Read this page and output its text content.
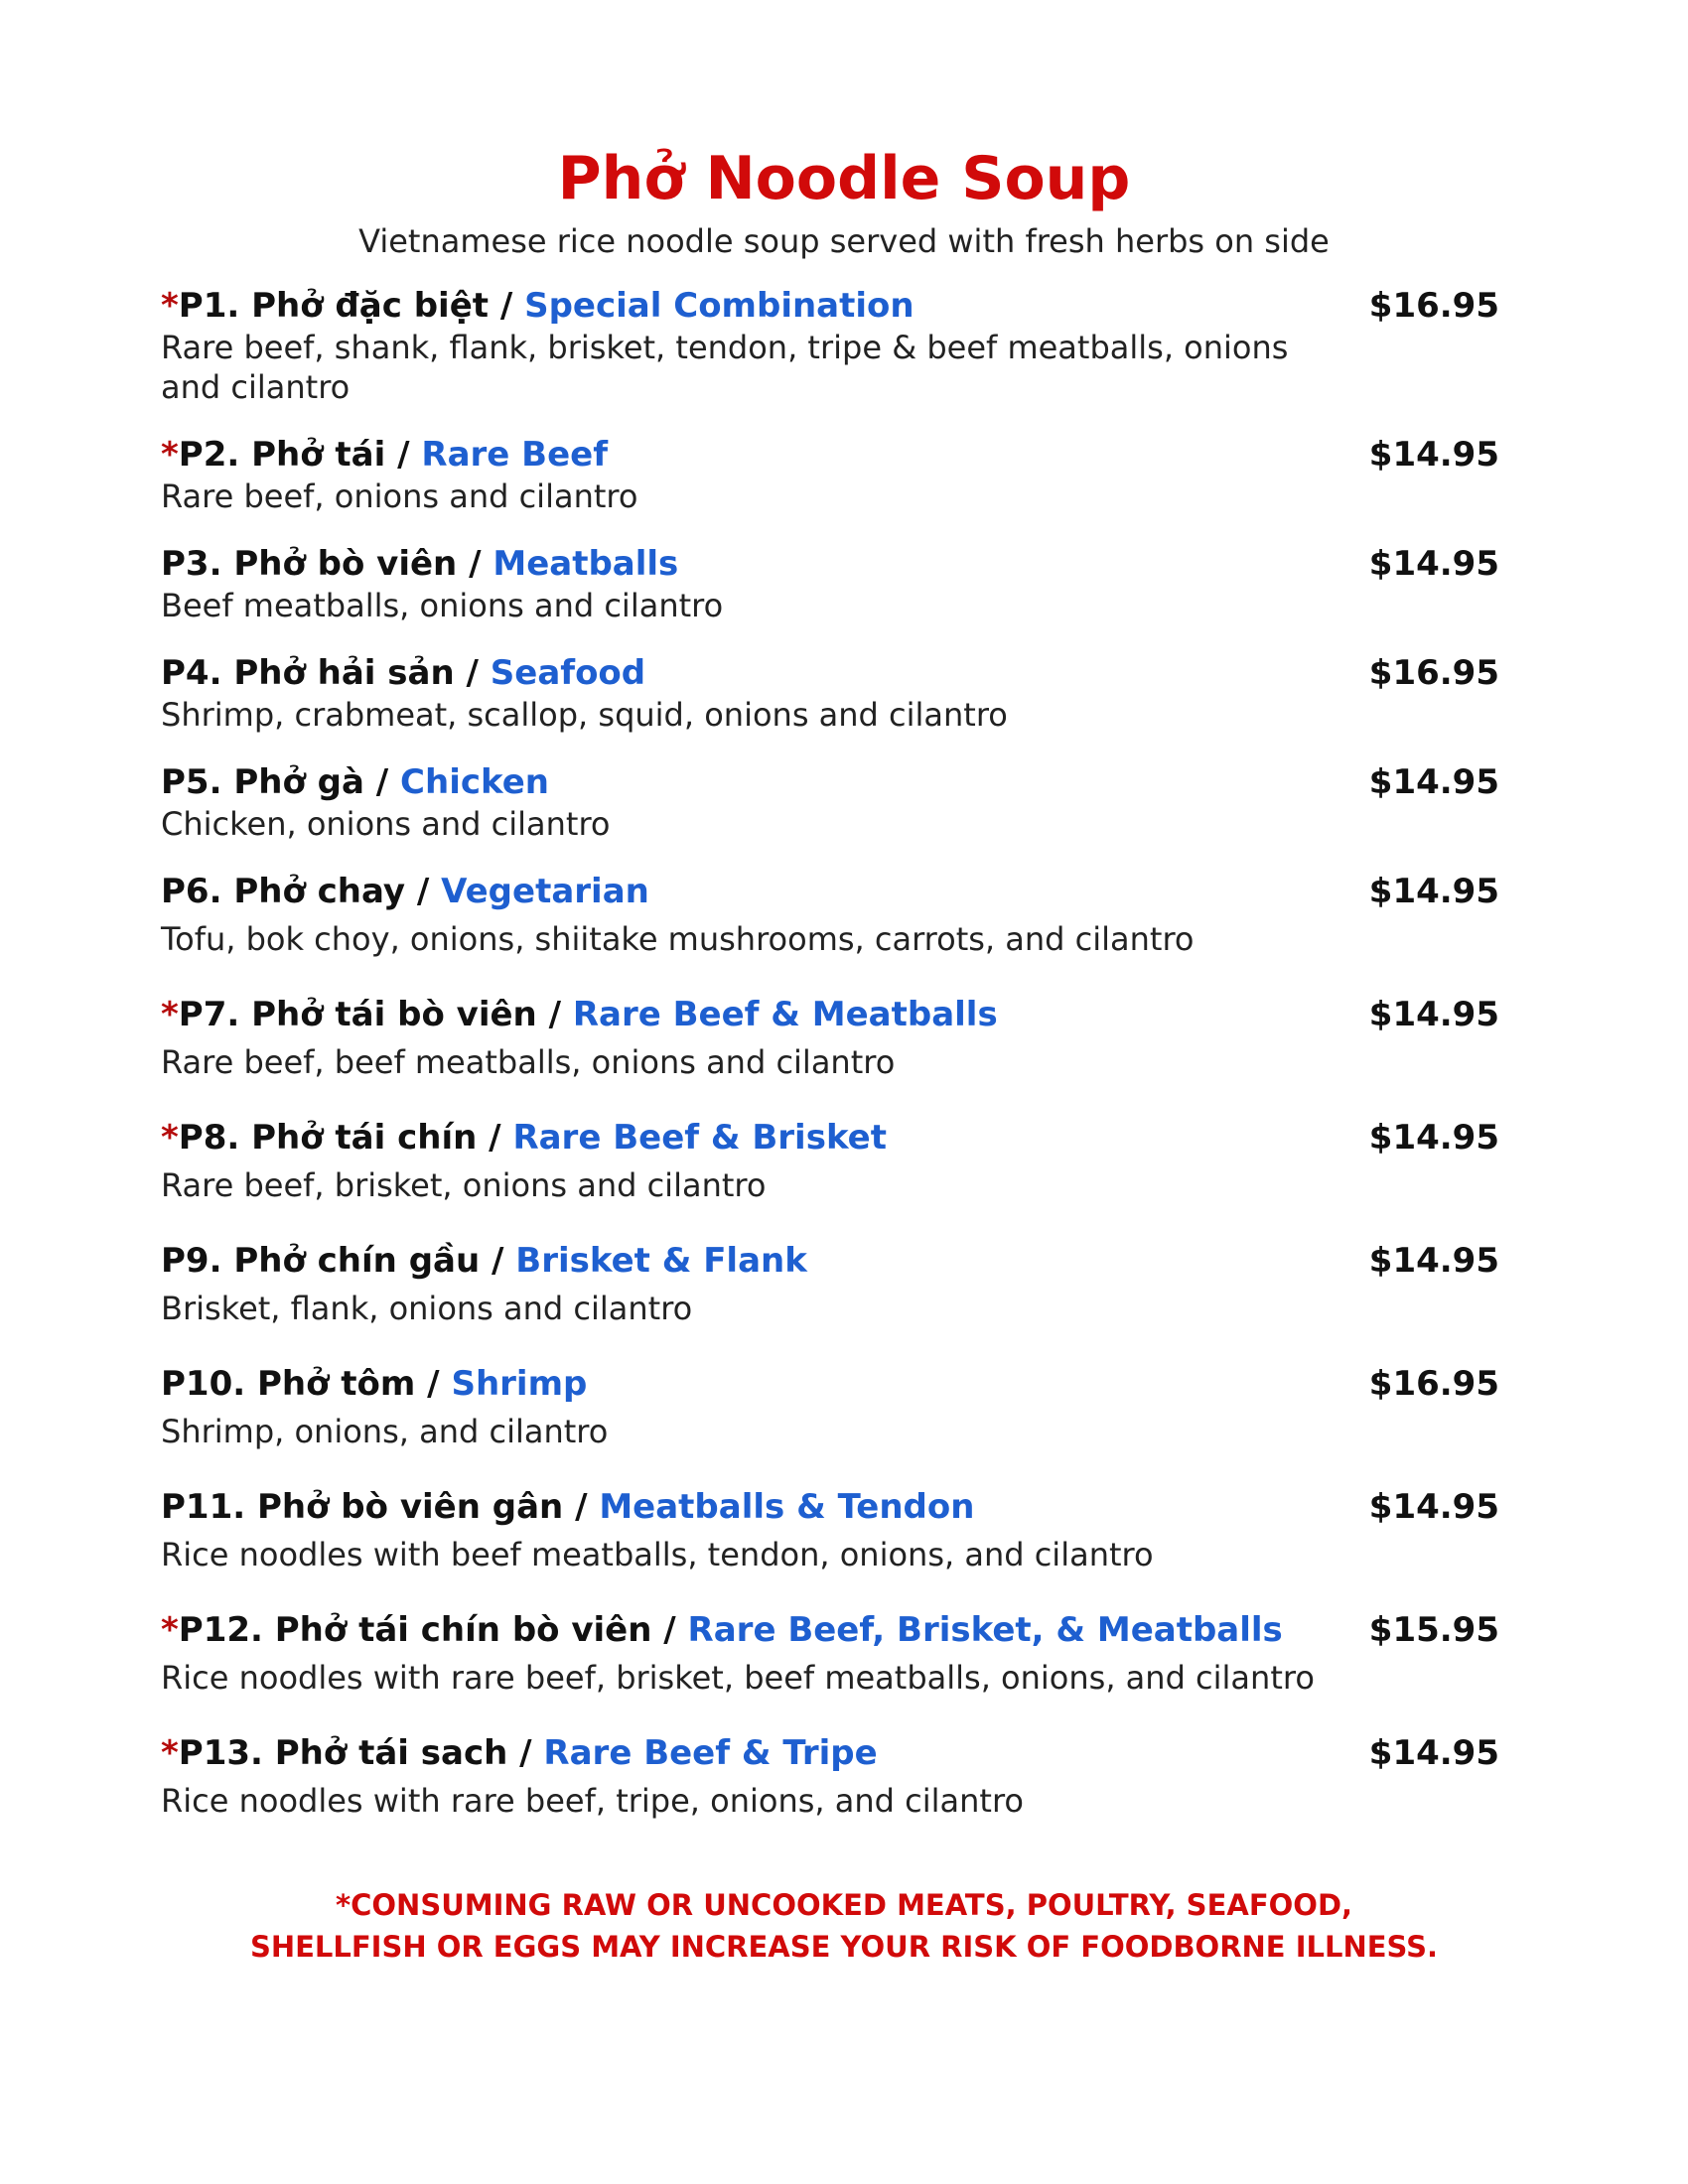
Phở Noodle Soup
Vietnamese rice noodle soup served with fresh herbs on side
*P1. Phở đặc biệt / Special Combination	$16.95
Rare beef, shank, flank, brisket, tendon, tripe & beef meatballs, onions and cilantro
*P2. Phở tái / Rare Beef	$14.95
Rare beef, onions and cilantro
P3. Phở bò viên / Meatballs	$14.95
Beef meatballs, onions and cilantro
P4. Phở hải sản / Seafood	$16.95
Shrimp, crabmeat, scallop, squid, onions and cilantro
P5. Phở gà / Chicken	$14.95
Chicken, onions and cilantro
P6. Phở chay / Vegetarian	$14.95
Tofu, bok choy, onions, shiitake mushrooms, carrots, and cilantro
*P7. Phở tái bò viên / Rare Beef & Meatballs	$14.95
Rare beef, beef meatballs, onions and cilantro
*P8. Phở tái chín / Rare Beef & Brisket	$14.95
Rare beef, brisket, onions and cilantro
P9. Phở chín gầu / Brisket & Flank	$14.95
Brisket, flank, onions and cilantro
P10. Phở tôm / Shrimp	$16.95
Shrimp, onions, and cilantro
P11. Phở bò viên gân / Meatballs & Tendon	$14.95
Rice noodles with beef meatballs, tendon, onions, and cilantro
*P12. Phở tái chín bò viên / Rare Beef, Brisket, & Meatballs	$15.95
Rice noodles with rare beef, brisket, beef meatballs, onions, and cilantro
*P13. Phở tái sach / Rare Beef & Tripe	$14.95
Rice noodles with rare beef, tripe, onions, and cilantro
*CONSUMING RAW OR UNCOOKED MEATS, POULTRY, SEAFOOD,
SHELLFISH OR EGGS MAY INCREASE YOUR RISK OF FOODBORNE ILLNESS.
